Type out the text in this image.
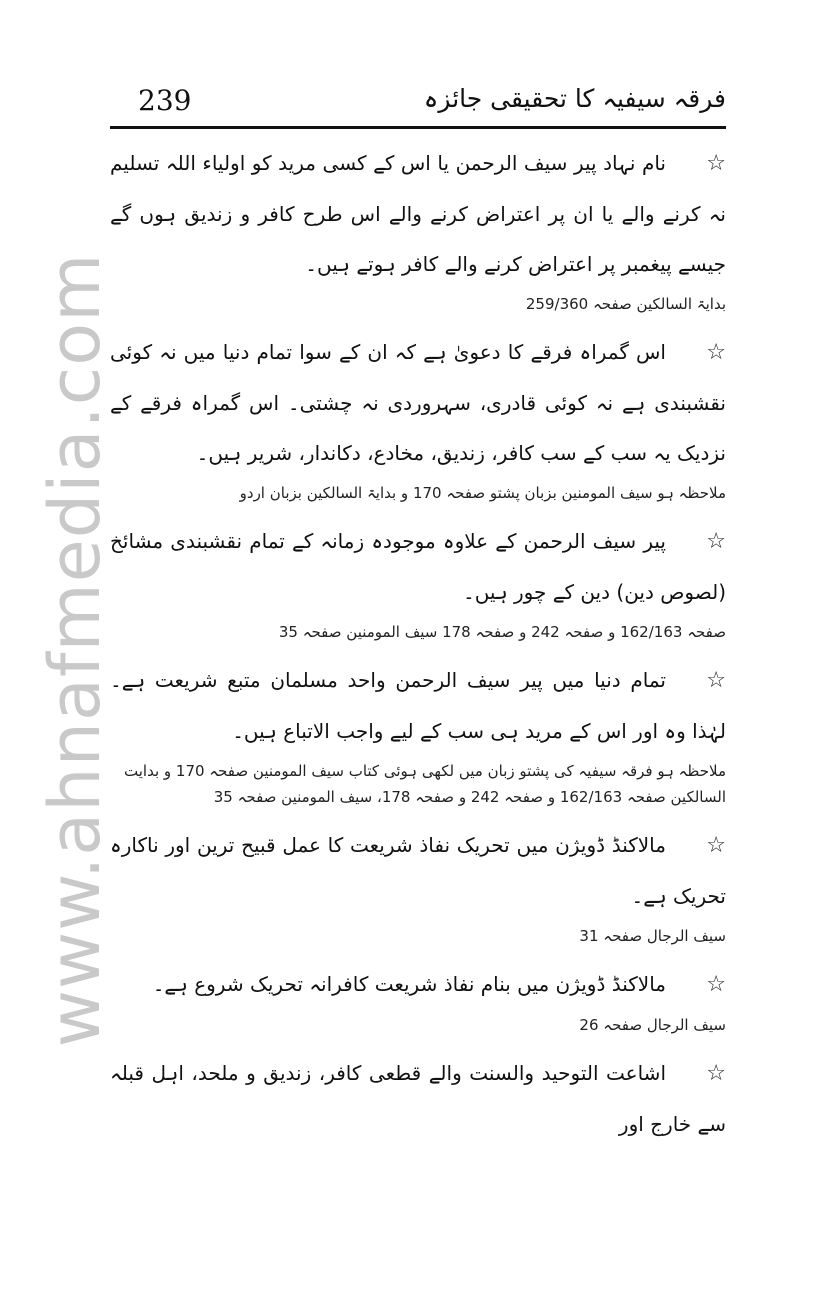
www.ahnafmedia.com
239	فرقہ سیفیہ کا تحقیقی جائزہ

☆نام نہاد پیر سیف الرحمن یا اس کے کسی مرید کو اولیاء اللہ تسلیم نہ کرنے والے یا ان پر اعتراض کرنے والے اس طرح کافر و زندیق ہوں گے جیسے پیغمبر پر اعتراض کرنے والے کافر ہوتے ہیں۔

بدایۃ السالکین صفحہ 259/360

☆اس گمراہ فرقے کا دعویٰ ہے کہ ان کے سوا تمام دنیا میں نہ کوئی نقشبندی ہے نہ کوئی قادری، سہروردی نہ چشتی۔ اس گمراہ فرقے کے نزدیک یہ سب کے سب کافر، زندیق، مخادع، دکاندار، شریر ہیں۔

ملاحظہ ہو سیف المومنین بزبان پشتو صفحہ 170 و بدایۃ السالکین بزبان اردو

☆پیر سیف الرحمن کے علاوہ موجودہ زمانہ کے تمام نقشبندی مشائخ (لصوص دین) دین کے چور ہیں۔

صفحہ 162/163 و صفحہ 242 و صفحہ 178 سیف المومنین صفحہ 35

☆تمام دنیا میں پیر سیف الرحمن واحد مسلمان متبع شریعت ہے۔ لہٰذا وہ اور اس کے مرید ہی سب کے لیے واجب الاتباع ہیں۔

ملاحظہ ہو فرقہ سیفیہ کی پشتو زبان میں لکھی ہوئی کتاب سیف المومنین صفحہ 170 و بدایت السالکین صفحہ 162/163 و صفحہ 242 و صفحہ 178، سیف المومنین صفحہ 35

☆مالاکنڈ ڈویژن میں تحریک نفاذ شریعت کا عمل قبیح ترین اور ناکارہ تحریک ہے۔

سیف الرجال صفحہ 31

☆مالاکنڈ ڈویژن میں بنام نفاذ شریعت کافرانہ تحریک شروع ہے۔

سیف الرجال صفحہ 26

☆اشاعت التوحید والسنت والے قطعی کافر، زندیق و ملحد، اہل قبلہ سے خارج اور
